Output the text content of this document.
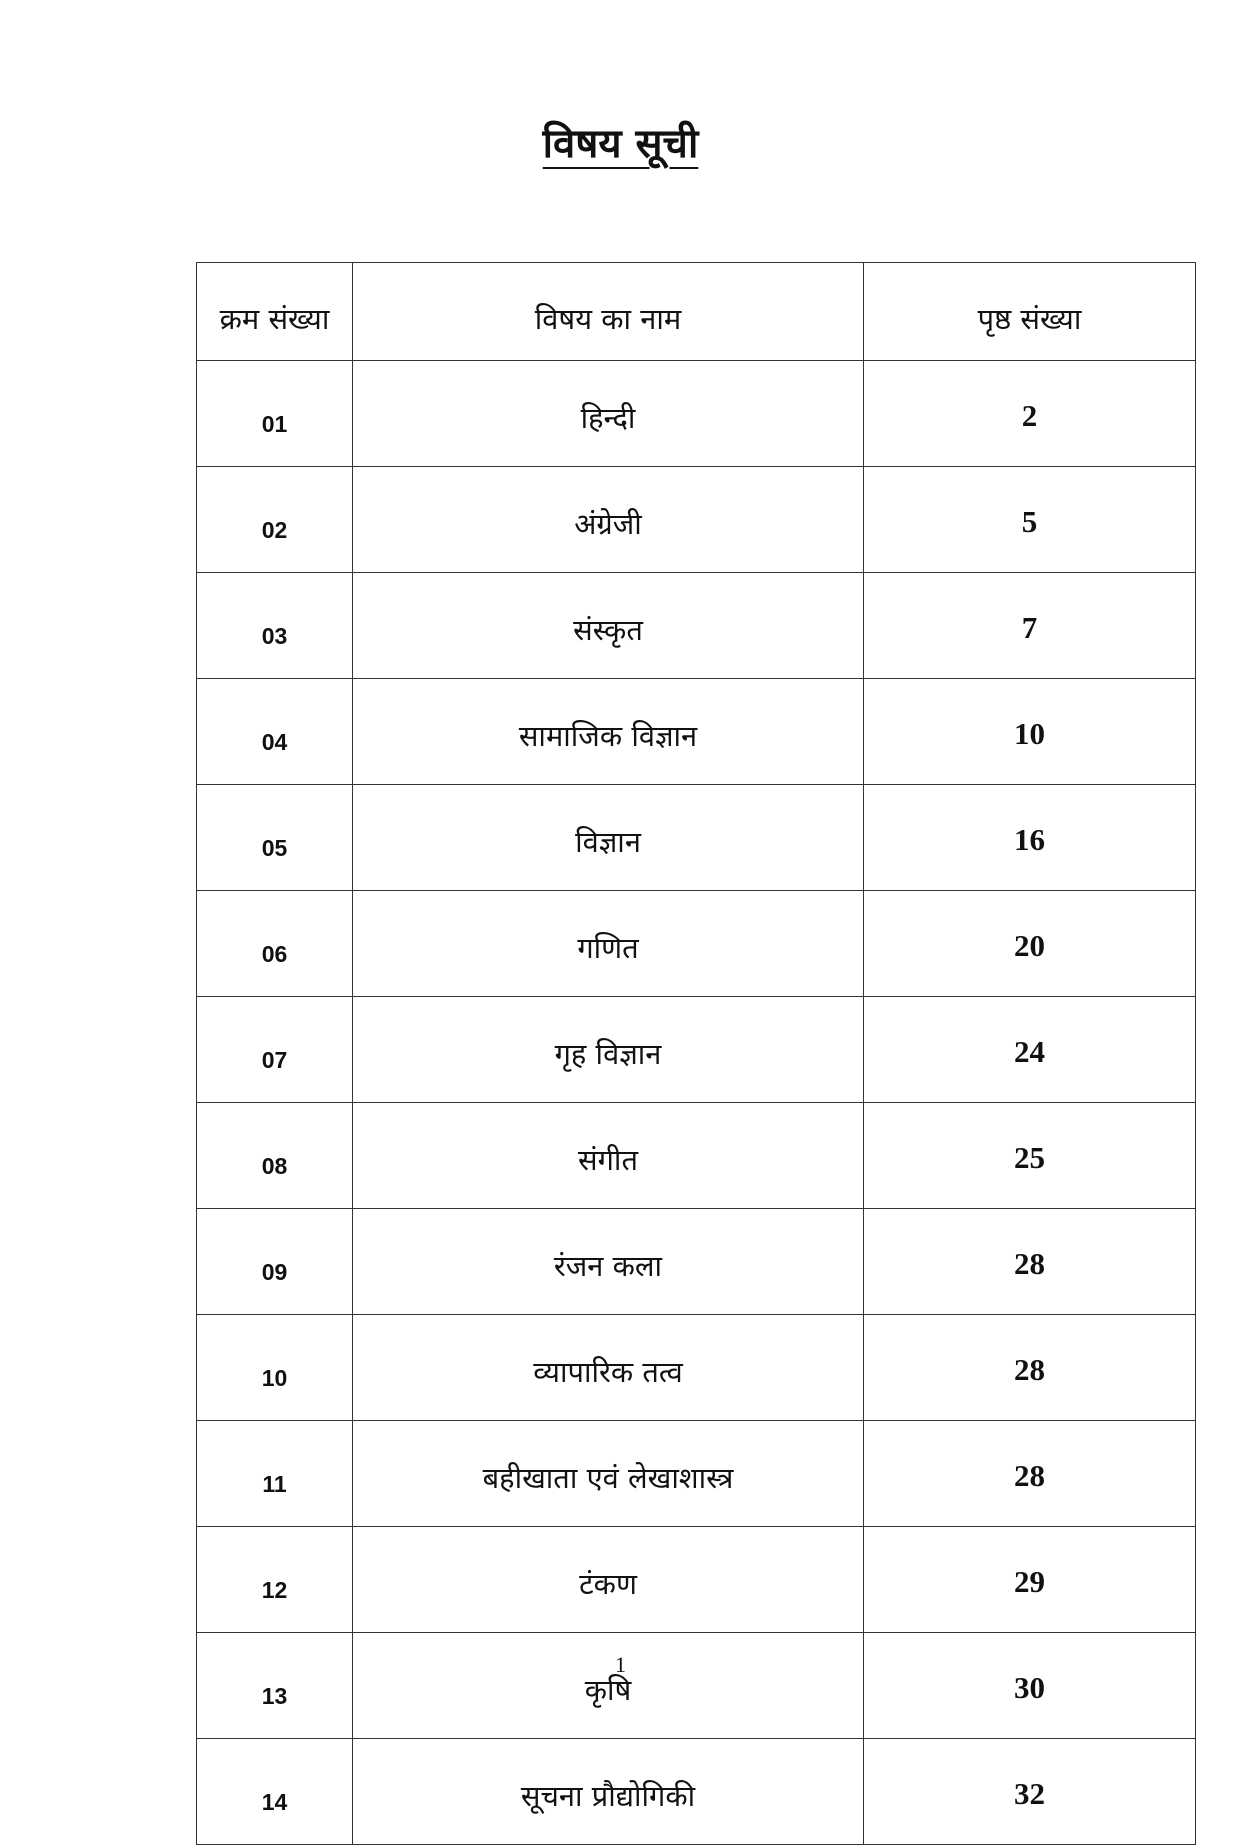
विषय सूची
क्रम संख्या	विषय का नाम	पृष्ठ संख्या
01	हिन्दी	2
02	अंग्रेजी	5
03	संस्कृत	7
04	सामाजिक विज्ञान	10
05	विज्ञान	16
06	गणित	20
07	गृह विज्ञान	24
08	संगीत	25
09	रंजन कला	28
10	व्यापारिक तत्व	28
11	बहीखाता एवं लेखाशास्त्र	28
12	टंकण	29
13	कृषि	30
14	सूचना प्रौद्योगिकी	32
1
